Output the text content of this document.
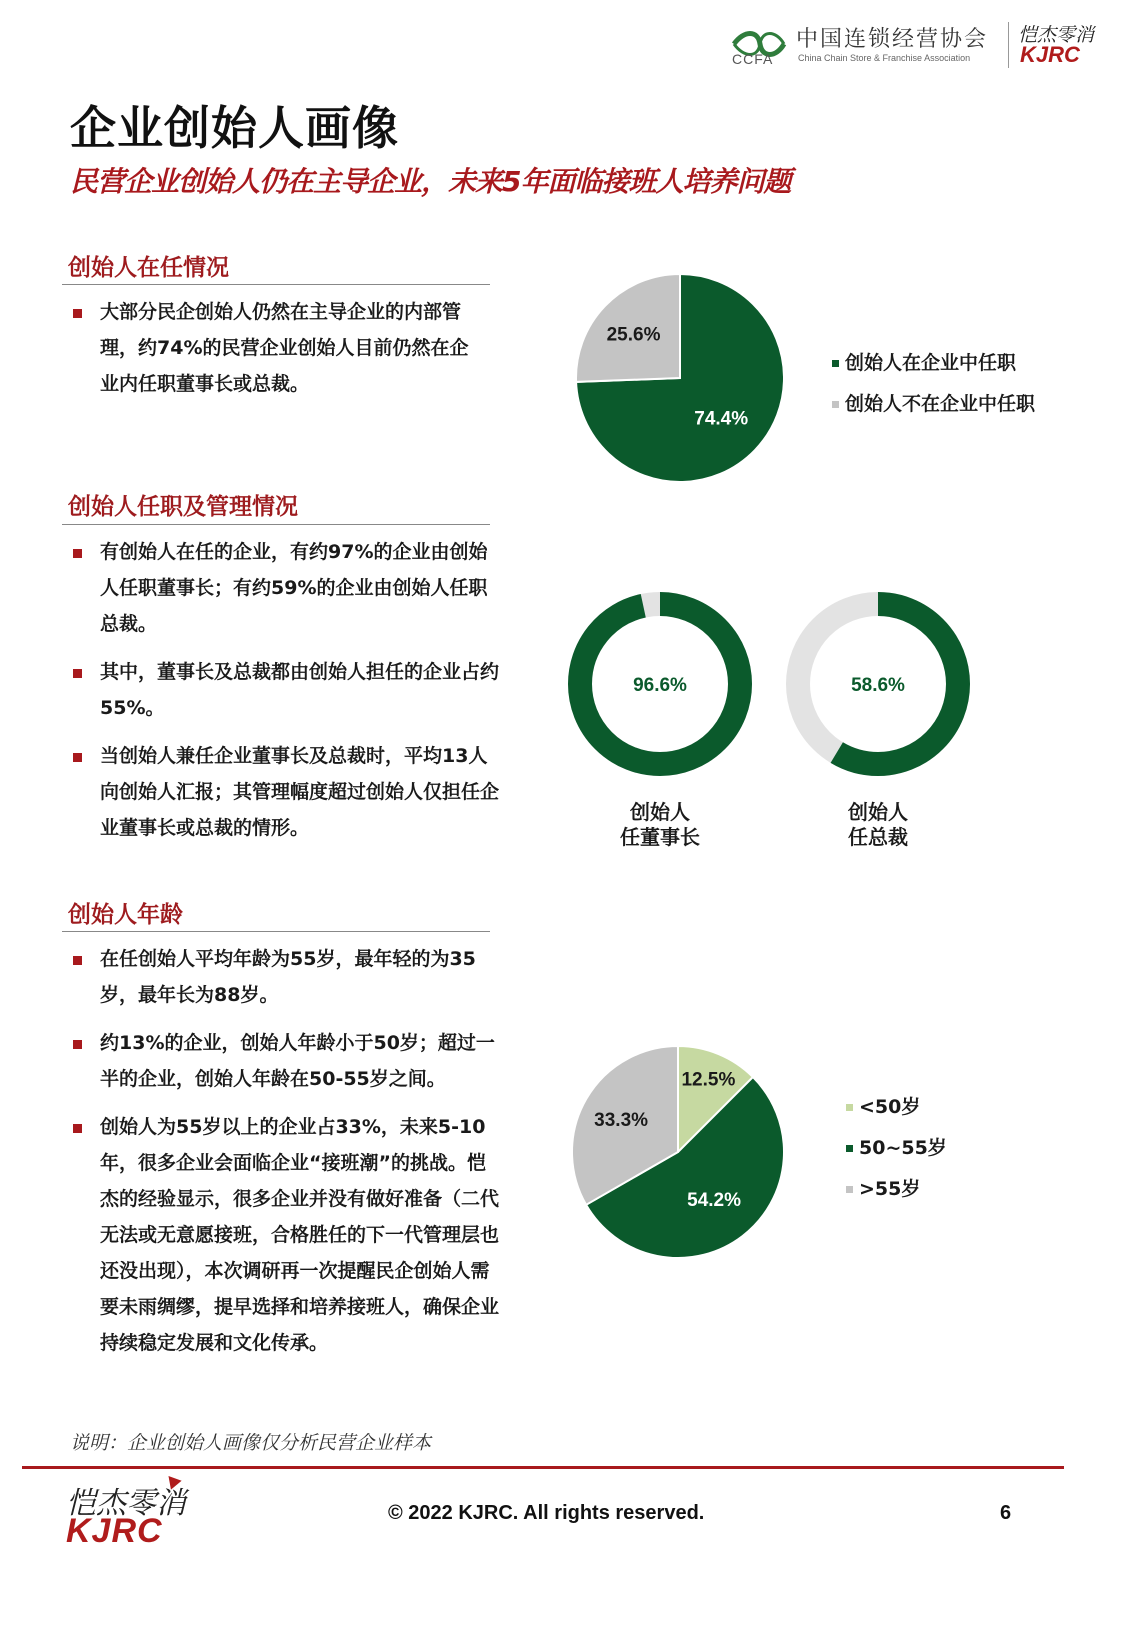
CCFA
中国连锁经营协会
China Chain Store & Franchise Association
恺杰零消
KJRC
企业创始人画像
民营企业创始人仍在主导企业，未来5年面临接班人培养问题
创始人在任情况
大部分民企创始人仍然在主导企业的内部管理，约74%的民营企业创始人目前仍然在企业内任职董事长或总裁。
74.4%
25.6%
创始人在企业中任职
创始人不在企业中任职
创始人任职及管理情况
有创始人在任的企业，有约97%的企业由创始人任职董事长；有约59%的企业由创始人任职总裁。
其中，董事长及总裁都由创始人担任的企业占约55%。
当创始人兼任企业董事长及总裁时，平均13人向创始人汇报；其管理幅度超过创始人仅担任企业董事长或总裁的情形。
96.6%	58.6%
创始人
任董事长
创始人
任总裁
创始人年龄
在任创始人平均年龄为55岁，最年轻的为35岁，最年长为88岁。
约13%的企业，创始人年龄小于50岁；超过一半的企业，创始人年龄在50-55岁之间。
创始人为55岁以上的企业占33%，未来5-10年，很多企业会面临企业“接班潮”的挑战。恺杰的经验显示，很多企业并没有做好准备（二代无法或无意愿接班，合格胜任的下一代管理层也还没出现），本次调研再一次提醒民企创始人需要未雨绸缪，提早选择和培养接班人，确保企业持续稳定发展和文化传承。
12.5%
54.2%
33.3%
<50岁
50~55岁
>55岁
说明：企业创始人画像仅分析民营企业样本
恺杰零消
KJRC	© 2022 KJRC. All rights reserved.	6
